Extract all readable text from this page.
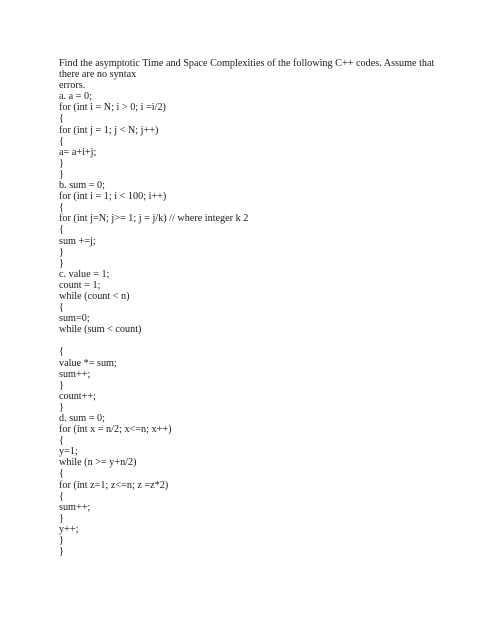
Find the asymptotic Time and Space Complexities of the following C++ codes. Assume that
there are no syntax
errors.
a. a = 0;
for (int i = N; i > 0; i =i/2)
{
for (int j = 1; j < N; j++)
{
a= a+i+j;
}
}
b. sum = 0;
for (int i = 1; i < 100; i++)
{
for (int j=N; j>= 1; j = j/k) // where integer k 2
{
sum +=j;
}
}
c. value = 1;
count = 1;
while (count < n)
{
sum=0;
while (sum < count)
{
value *= sum;
sum++;
}
count++;
}
d. sum = 0;
for (int x = n/2; x<=n; x++)
{
y=1;
while (n >= y+n/2)
{
for (int z=1; z<=n; z =z*2)
{
sum++;
}
y++;
}
}
